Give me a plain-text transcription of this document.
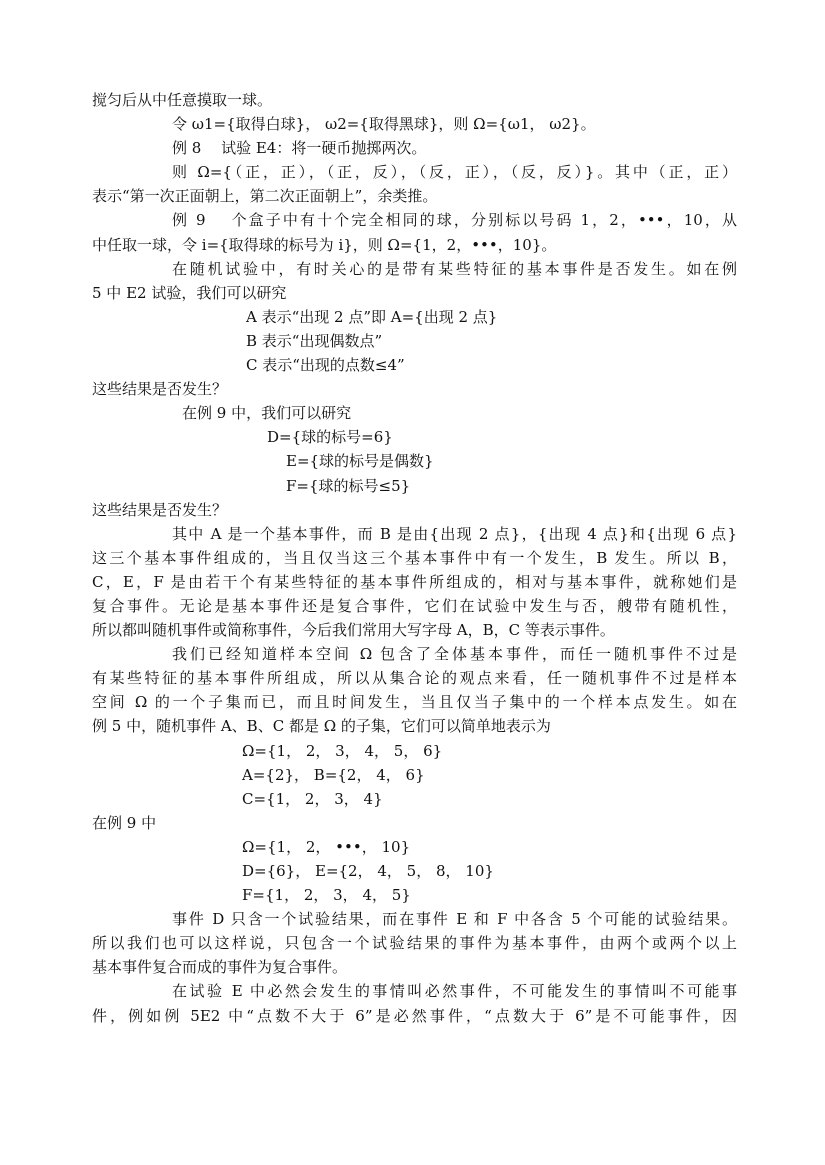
搅匀后从中任意摸取一球。
令 ω1={取得白球}， ω2={取得黑球}，则 Ω={ω1， ω2}。
例 8　 试验 E4：将一硬币抛掷两次。
则 Ω={（正，正），（正，反），（反，正），（反，反）}。其中（正，正）
表示“第一次正面朝上，第二次正面朝上”，余类推。
例 9　 个盒子中有十个完全相同的球，分别标以号码 1，2，•••，10，从
中任取一球，令 i={取得球的标号为 i}，则 Ω={1，2，•••，10}。
在随机试验中，有时关心的是带有某些特征的基本事件是否发生。如在例
5 中 E2 试验，我们可以研究
A 表示“出现 2 点”即 A={出现 2 点}
B 表示“出现偶数点”
C 表示“出现的点数≤4”
这些结果是否发生？
在例 9 中，我们可以研究
D={球的标号=6}
E={球的标号是偶数}
F={球的标号≤5}
这些结果是否发生？
其中 A 是一个基本事件，而 B 是由{出现 2 点}，{出现 4 点}和{出现 6 点}
这三个基本事件组成的，当且仅当这三个基本事件中有一个发生，B 发生。所以 B，
C，E，F 是由若干个有某些特征的基本事件所组成的，相对与基本事件，就称她们是
复合事件。无论是基本事件还是复合事件，它们在试验中发生与否，艘带有随机性，
所以都叫随机事件或简称事件，今后我们常用大写字母 A，B，C 等表示事件。
我们已经知道样本空间 Ω 包含了全体基本事件，而任一随机事件不过是
有某些特征的基本事件所组成，所以从集合论的观点来看，任一随机事件不过是样本
空间 Ω 的一个子集而已，而且时间发生，当且仅当子集中的一个样本点发生。如在
例 5 中，随机事件 A、B、C 都是 Ω 的子集，它们可以简单地表示为
Ω={1， 2， 3， 4， 5， 6}
A={2}， B={2， 4， 6}
C={1， 2， 3， 4}
在例 9 中
Ω={1， 2， •••， 10}
D={6}， E={2， 4， 5， 8， 10}
F={1， 2， 3， 4， 5}
事件 D 只含一个试验结果，而在事件 E 和 F 中各含 5 个可能的试验结果。
所以我们也可以这样说，只包含一个试验结果的事件为基本事件，由两个或两个以上
基本事件复合而成的事件为复合事件。
在试验 E 中必然会发生的事情叫必然事件，不可能发生的事情叫不可能事
件，例如例 5E2 中“点数不大于 6”是必然事件，“点数大于 6”是不可能事件，因
